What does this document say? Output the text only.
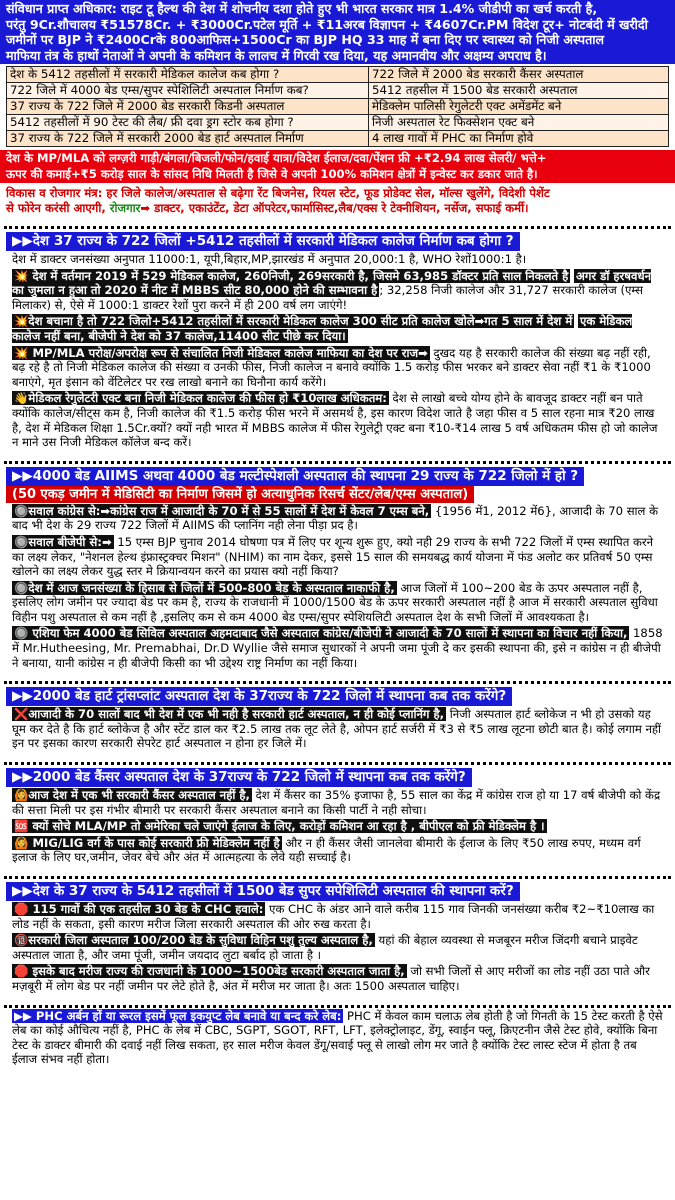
संविधान प्राप्त अधिकार: राइट टू हैल्थ की देश में शोचनीय दशा होते हुए भी भारत सरकार मात्र 1.4% जीडीपी का खर्च करती है,
परंतु 9Cr.शौचालय ₹51578Cr. + ₹3000Cr.पटेल मूर्ति + ₹11अरब विज्ञापन + ₹4607Cr.PM विदेश टूर+ नोटबंदी में खरीदी
जमीनों पर BJP ने ₹2400Crके 800आफिस+1500Cr का BJP HQ 33 माह में बना दिए पर स्वास्थ्य को निजी अस्पताल
माफिया तंत्र के हाथों नेताओं ने अपनी के कमिशन के लालच में गिरवी रख दिया, यह अमानवीय और अक्षम्य अपराध है।
देश के 5412 तहसीलों में सरकारी मेडिकल कालेज कब होगा ?	722 जिले में 2000 बेड सरकारी कैंसर अस्पताल
722 जिले में 4000 बेड एम्स/सुपर स्पेशिलिटी अस्पताल निर्माण कब?	5412 तहसील में 1500 बेड सरकारी अस्पताल
37 राज्य के 722 जिले में 2000 बेड सरकारी किडनी अस्पताल	मेडिक्लेम पालिसी रेगुलेटरी एक्ट अमेंडमेंट बने
5412 तहसीलों में 90 टेस्ट की लैब/ फ्री दवा ड्रग स्टोर कब होगा ?	निजी अस्पताल रेट फिक्सेशन एक्ट बने
37 राज्य के 722 जिले में सरकारी 2000 बेड हार्ट अस्पताल निर्माण	4 लाख गावों में PHC का निर्माण होवे
देश के MP/MLA को लग्ज़री गाड़ी/बंगला/बिजली/फोन/हवाई यात्रा/विदेश ईलाज/दवा/पेंशन फ्री +₹2.94 लाख सेलरी/ भत्ते+
ऊपर की कमाई+₹5 करोड़ साल के सांसद निधि मिलती है जिसे वे अपनी 100% कमिशन क्षेत्रों में इन्वेस्ट कर डकार जाते है।
विकास व रोजगार मंत्र: हर जिले कालेज/अस्पताल से बढ़ेगा रेंट बिजनेस, रियल स्टेट, फूड प्रोडेक्ट सेल, मॉल्स खुलेंगे, विदेशी पेशेंट
से फोरेन करंसी आएगी, रोजगार➡ डाक्टर, एकाउंटेंट, डेटा ऑपरेटर,फार्मासिस्ट,लैब/एक्स रे टेक्नीशियन, नर्सेज, सफाई कर्मी।
▶▶देश 37 राज्य के 722 जिलों +5412 तहसीलों में सरकारी मेडिकल कालेज निर्माण कब होगा ?
देश में डाक्टर जनसंख्या अनुपात 11000:1, यूपी,बिहार,MP,झारखंड में अनुपात 20,000:1 है, WHO रेशों1000:1 है।
💥 देश में वर्तमान 2019 में 529 मेडिकल कालेज, 260निजी, 269सरकारी है, जिसमे 63,985 डॉक्टर प्रति साल निकलते है अगर डॉ हरषवर्धन का जुमला न हुआ तो 2020 में नीट में MBBS सीट 80,000 होने की सम्भावना है ; 32,258 निजी कालेज और 31,727 सरकारी कालेज (एम्स मिलाकर) से, ऐसे में 1000:1 डाक्टर रेशों पुरा करने में ही 200 वर्ष लग जाएंगे!
💥देश बचाना है तो 722 जिलो+5412 तहसीलों में सरकारी मेडिकल कालेज 300 सीट प्रति कालेज खोले➡गत 5 साल में देश में एक मेडिकल कालेज नहीं बना, बीजेपी ने देश को 37 कालेज,11400 सीट पीछे कर दिया।
💥 MP/MLA परोक्ष/अपरोक्ष रूप से संचालित निजी मेडिकल कालेज माफिया का देश पर राज➡ दुखद यह है सरकारी कालेज की संख्या बढ़ नहीं रही, बढ़ रहे है तो निजी मेडिकल कालेज की संख्या व उनकी फीस, निजी कालेज न बनावे क्योंकि 1.5 करोड़ फीस भरकर बने डाक्टर सेवा नहीं ₹1 के ₹1000 बनाएंगे, मृत इंसान को वेंटिलेटर पर रख लाखो बनाने का घिनौना कार्य करेंगे।
👋मेडिकल रेगुलेटरी एक्ट बना निजी मेडिकल कालेज की फीस हो ₹10लाख अधिकतम: देश से लाखो बच्चे योग्य होने के बावजूद डाक्टर नहीं बन पाते क्योंकि कालेज/सीट्स कम है, निजी कालेज की ₹1.5 करोड़ फीस भरने में असमर्थ है, इस कारण विदेश जाते है जहा फीस व 5 साल रहना मात्र ₹20 लाख है, देश में मेडिकल शिक्षा 1.5Cr.क्यों? क्यों नही भारत में MBBS कालेज में फीस रेगुलेट्री एक्ट बना ₹10-₹14 लाख 5 वर्ष अधिकतम फीस हो जो कालेज न माने उस निजी मेडिकल कॉलेज बन्द करें।
▶▶4000 बेड AIIMS अथवा 4000 बेड मल्टीस्पेशली अस्पताल की स्थापना 29 राज्य के 722 जिलो में हो ? (50 एकड़ जमीन में मेडिसिटी का निर्माण जिसमें हो अत्याधुनिक रिसर्च सेंटर/लेब/एम्स अस्पताल)
🔘सवाल कांग्रेस से:➡कांग्रेस राज में आजादी के 70 में से 55 सालों में देश में केवल 7 एम्स बने, {1956 में1, 2012 में6}, आजादी के 70 साल के बाद भी देश के 29 राज्य 722 जिलों में AIIMS की प्लानिंग नही लेना पीड़ा प्रद है।
🔘सवाल बीजेपी से:➡ 15 एम्स BJP चुनाव 2014 घोषणा पत्र में लिए पर शून्य शुरू हुए, क्यो नही 29 राज्य के सभी 722 जिलों में एम्स स्थापित करने का लक्ष्य लेकर, "नेशनल हेल्थ इंफ्रास्ट्रक्चर मिशन" (NHIM) का नाम देकर, इससे 15 साल की समयबद्ध कार्य योजना में फंड अलोट कर प्रतिवर्ष 50 एम्स खोलने का लक्ष्य लेकर युद्ध स्तर मे क्रियान्वयन करने का प्रयास क्यो नहीं किया?
🔘देश में आज जनसंख्या के हिसाब से जिलों में 500-800 बेड के अस्पताल नाकाफी है, आज जिलों में 100~200 बेड के ऊपर अस्पताल नहीं है, इसलिए लोग जमीन पर ज्यादा बेड पर कम है, राज्य के राजधानी में 1000/1500 बेड के ऊपर सरकारी अस्पताल नहीं है आज में सरकारी अस्पताल सुविधा विहीन पशु अस्पताल से कम नहीं है ,इसलिए कम से कम 4000 बेड एम्स/सुपर स्पेशियलिटी अस्पताल देश के सभी जिलों में आवश्यकता है।
🔘 एशिया फेम 4000 बेड सिविल अस्पताल अहमदाबाद जैसे अस्पताल कांग्रेस/बीजेपी ने आजादी के 70 सालों में स्थापना का विचार नहीं किया, 1858 में Mr.Hutheesing, Mr. Premabhai, Dr.D Wyllie जैसे समाज सुधारकों ने अपनी जमा पूंजी दे कर इसकी स्थापना की, इसे न कांग्रेस न ही बीजेपी ने बनाया, यानी कांग्रेस न ही बीजेपी किसी का भी उद्देश्य राष्ट्र निर्माण का नहीं किया।
▶▶2000 बेड हार्ट ट्रांसप्लांट अस्पताल देश के 37राज्य के 722 जिलो में स्थापना कब तक करेंगे?
❌आजादी के 70 सालों बाद भी देश में एक भी नही है सरकारी हार्ट अस्पताल, न ही कोई प्लानिंग है, निजी अस्पताल हार्ट ब्लोकेज न भी हो उसको यह घूम कर देते है कि हार्ट ब्लोकेज है और स्टेंट डाल कर ₹2.5 लाख तक लूट लेते है, ओपन हार्ट सर्जरी में ₹3 से ₹5 लाख लूटना छोटी बात है। कोई लगाम नहीं इन पर इसका कारण सरकारी सेपरेट हार्ट अस्पताल न होना हर जिले में।
▶▶2000 बेड कैंसर अस्पताल देश के 37राज्य के 722 जिलो में स्थापना कब तक करेंगे?
🙆आज देश में एक भी सरकारी कैंसर अस्पताल नहीं है, देश में कैंसर का 35% इजाफा है, 55 साल का केंद्र में कांग्रेस राज हो या 17 वर्ष बीजेपी को केंद्र की सत्ता मिली पर इस गंभीर बीमारी पर सरकारी कैंसर अस्पताल बनाने का किसी पार्टी ने नही सोचा।
🆘 क्यों सोचे MLA/MP तो अमेरिका चले जाएंगे ईलाज के लिए, करोड़ों कमिशन आ रहा है , बीपीएल को फ्री मेडिक्लेम है ।
🙆 MIG/LIG वर्ग के पास कोई सरकारी फ्री मेडिक्लेम नहीं है और न ही कैंसर जैसी जानलेवा बीमारी के ईलाज के लिए ₹50 लाख रुपए, मध्यम वर्ग इलाज के लिए घर,जमीन, जेवर बेचे और अंत में आत्महत्या के लेवे यही सच्चाई है।
▶▶देश के 37 राज्य के 5412 तहसीलों में 1500 बेड सुपर सपेशिलिटी अस्पताल की स्थापना करें?
🛑 115 गावों की एक तहसील 30 बेड के CHC हवाले: एक CHC के अंडर आने वाले करीब 115 गाव जिनकी जनसंख्या करीब ₹2~₹10लाख का लोड नहीं के सकता, इसी कारण मरीज जिला सरकारी अस्पताल की ओर रुख करता है।
🔞सरकारी जिला अस्पताल 100/200 बेड के सुविधा विहिन पशु तुल्य अस्पताल है, यहां की बेहाल व्यवस्था से मजबूरन मरीज जिंदगी बचाने प्राइवेट अस्पताल जाता है, और जमा पूंजी, जमीन जयदाद लुटा बर्बाद हो जाता है ।
🛑 इसके बाद मरीज राज्य की राजधानी के 1000~1500बेड सरकारी अस्पताल जाता है, जो सभी जिलों से आए मरीजों का लोड नहीं उठा पाते और मज़बूरी में लोग बेड पर नहीं जमीन पर लेटे होते है, अंत में मरीज मर जाता है। अतः 1500 अस्पताल चाहिए।
▶▶ PHC अर्बन हों या रूरल इसमें फूल इकयुप्ट लेब बनावे या बन्द करे लेब: PHC में केवल काम चलाऊ लेब होती है जो गिनती के 15 टेस्ट करती है ऐसे लेब का कोई औचित्य नहीं है, PHC के लेब में CBC, SGPT, SGOT, RFT, LFT, इलेक्ट्रोलाइट, डेंगू, स्वाईन फ्लू, क्रिएटनीन जैसे टेस्ट होवे, क्योंकि बिना टेस्ट के डाक्टर बीमारी की दवाई नहीं लिख सकता, हर साल मरीज केवल डेंगू/सवाई फ्लू से लाखो लोग मर जाते है क्योंकि टेस्ट लास्ट स्टेज में होता है तब ईलाज संभव नहीं होता।
